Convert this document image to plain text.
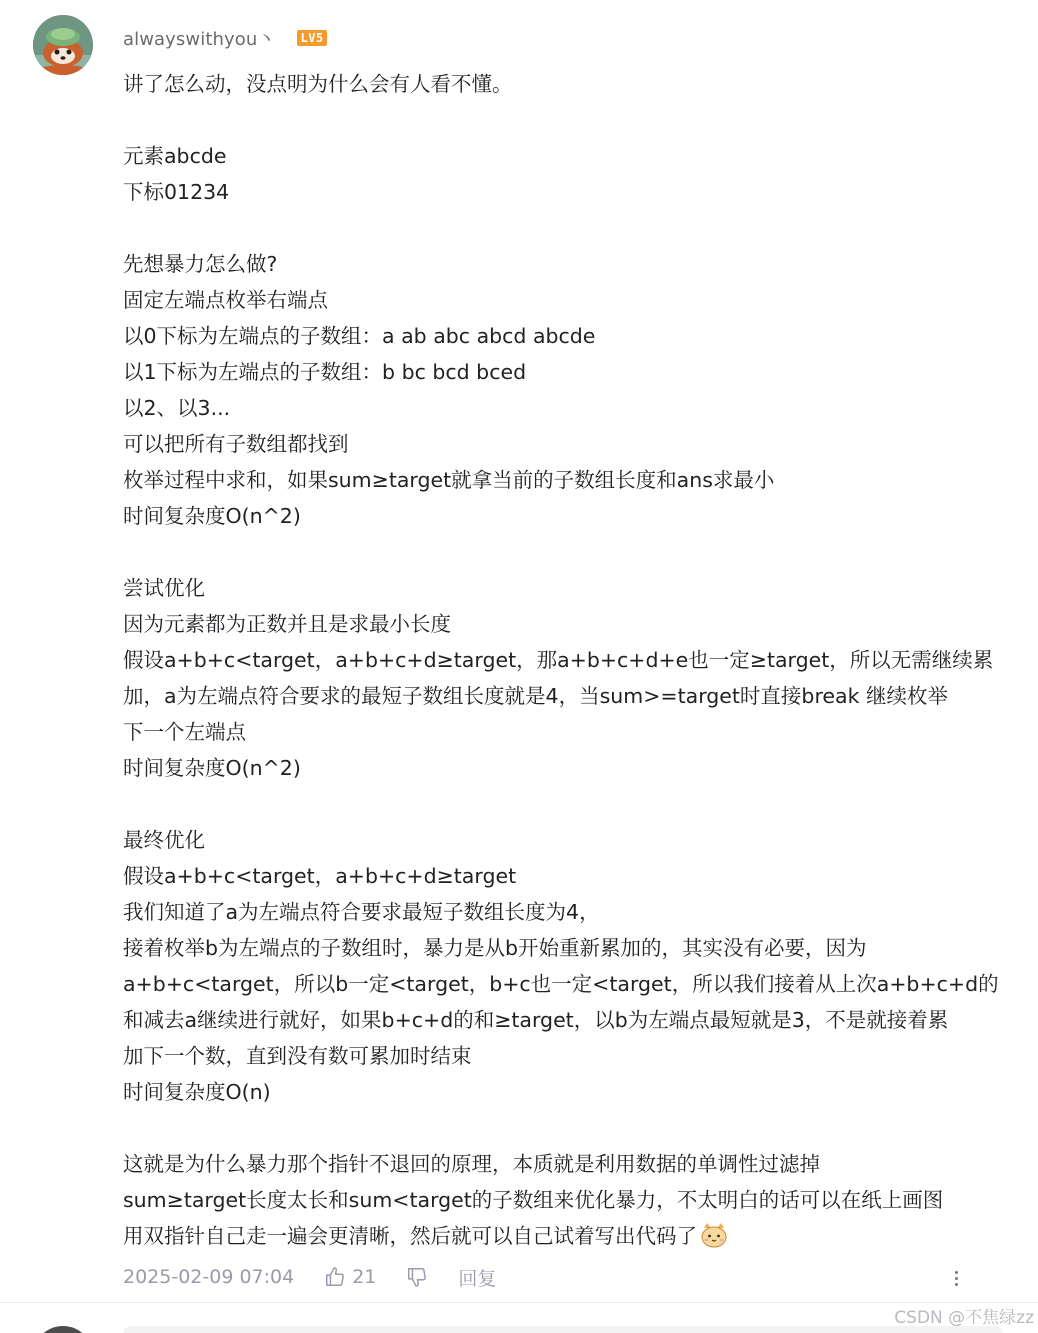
alwayswithyou丶 LV5
讲了怎么动，没点明为什么会有人看不懂。
元素abcde
下标01234
先想暴力怎么做?
固定左端点枚举右端点
以0下标为左端点的子数组：a ab abc abcd abcde
以1下标为左端点的子数组：b bc bcd bced
以2、以3...
可以把所有子数组都找到
枚举过程中求和，如果sum≥target就拿当前的子数组长度和ans求最小
时间复杂度O(n^2)
尝试优化
因为元素都为正数并且是求最小长度
假设a+b+c<target，a+b+c+d≥target，那a+b+c+d+e也一定≥target，所以无需继续累
加，a为左端点符合要求的最短子数组长度就是4，当sum>=target时直接break 继续枚举
下一个左端点
时间复杂度O(n^2)
最终优化
假设a+b+c<target，a+b+c+d≥target
我们知道了a为左端点符合要求最短子数组长度为4，
接着枚举b为左端点的子数组时，暴力是从b开始重新累加的，其实没有必要，因为
a+b+c<target，所以b一定<target，b+c也一定<target，所以我们接着从上次a+b+c+d的
和减去a继续进行就好，如果b+c+d的和≥target，以b为左端点最短就是3，不是就接着累
加下一个数，直到没有数可累加时结束
时间复杂度O(n)
这就是为什么暴力那个指针不退回的原理，本质就是利用数据的单调性过滤掉
sum≥target长度太长和sum<target的子数组来优化暴力，不太明白的话可以在纸上画图
用双指针自己走一遍会更清晰，然后就可以自己试着写出代码了
2025-02-09 07:04	21	回复
CSDN @不焦绿zz
